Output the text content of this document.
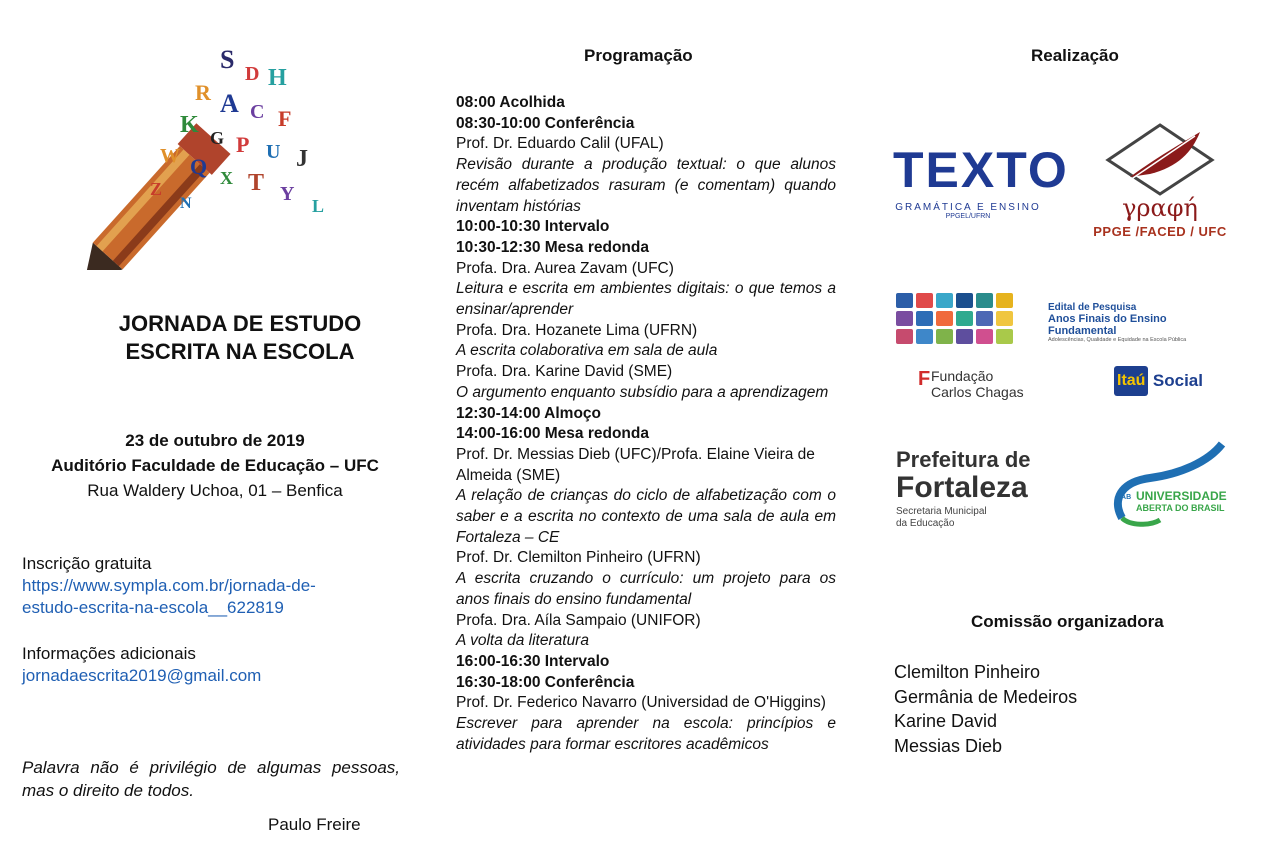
S D H
R A C F
K G P U J
W Q X T Y
L
Z
N
JORNADA DE ESTUDO
ESCRITA NA ESCOLA
23 de outubro de 2019
Auditório Faculdade de Educação – UFC
Rua Waldery Uchoa, 01 – Benfica
Inscrição gratuita
https://www.sympla.com.br/jornada-de-
estudo-escrita-na-escola__622819
Informações adicionais
jornadaescrita2019@gmail.com
Palavra não é privilégio de algumas pessoas, mas o direito de todos.
Paulo Freire
Programação
08:00 Acolhida
08:30-10:00 Conferência
Prof. Dr. Eduardo Calil (UFAL)
Revisão durante a produção textual: o que alunos recém alfabetizados rasuram (e comentam) quando inventam histórias
10:00-10:30 Intervalo
10:30-12:30 Mesa redonda
Profa. Dra. Aurea Zavam (UFC)
Leitura e escrita em ambientes digitais: o que temos a ensinar/aprender
Profa. Dra. Hozanete Lima (UFRN)
A escrita colaborativa em sala de aula
Profa. Dra. Karine David (SME)
O argumento enquanto subsídio para a aprendizagem
12:30-14:00 Almoço
14:00-16:00 Mesa redonda
Prof. Dr. Messias Dieb (UFC)/Profa. Elaine Vieira de Almeida (SME)
A relação de crianças do ciclo de alfabetização com o saber e a escrita no contexto de uma sala de aula em Fortaleza – CE
Prof. Dr. Clemilton Pinheiro (UFRN)
A escrita cruzando o currículo: um projeto para os anos finais do ensino fundamental
Profa. Dra. Aíla Sampaio (UNIFOR)
A volta da literatura
16:00-16:30 Intervalo
16:30-18:00 Conferência
Prof. Dr. Federico Navarro (Universidad de O'Higgins)
Escrever para aprender na escola: princípios e atividades para formar escritores acadêmicos
Realização
TEXTO
GRAMÁTICA E ENSINO
PPGEL/UFRN	γραφή
PPGE /FACED / UFC
Edital de Pesquisa
Anos Finais do Ensino Fundamental
Adolescências, Qualidade e Equidade na Escola Pública
F Fundação
Carlos Chagas
Itaú Social
Prefeitura de
Fortaleza
Secretaria Municipal
da Educação
UAB UNIVERSIDADE
ABERTA DO BRASIL
Comissão organizadora
Clemilton Pinheiro
Germânia de Medeiros
Karine David
Messias Dieb
